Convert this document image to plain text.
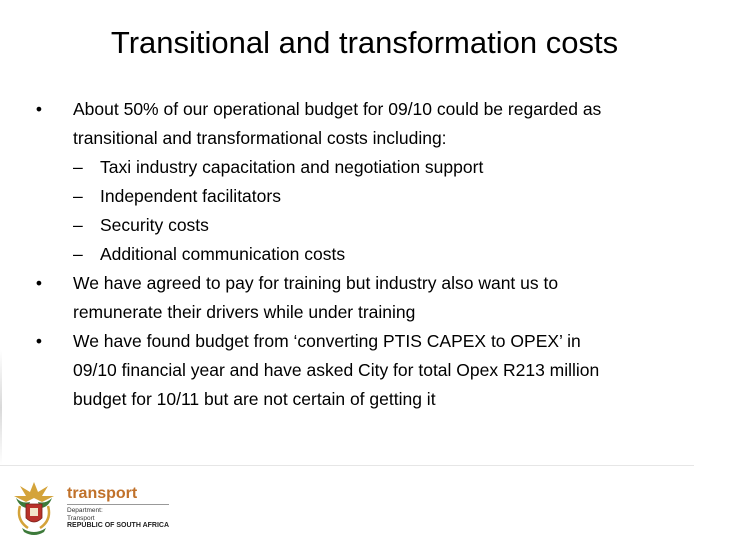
Transitional and transformation costs
•	About 50% of our operational budget for 09/10 could be regarded as
transitional and transformational costs including:
– Taxi industry capacitation and negotiation support
– Independent facilitators
– Security costs
– Additional communication costs
•	We have agreed to pay for training but industry also want us to
remunerate their drivers while under training
•	We have found budget from ‘converting PTIS CAPEX to OPEX’ in
09/10 financial year and have asked City for total Opex R213 million
budget for 10/11 but are not certain of getting it
transport
Department:
Transport
REPUBLIC OF SOUTH AFRICA
